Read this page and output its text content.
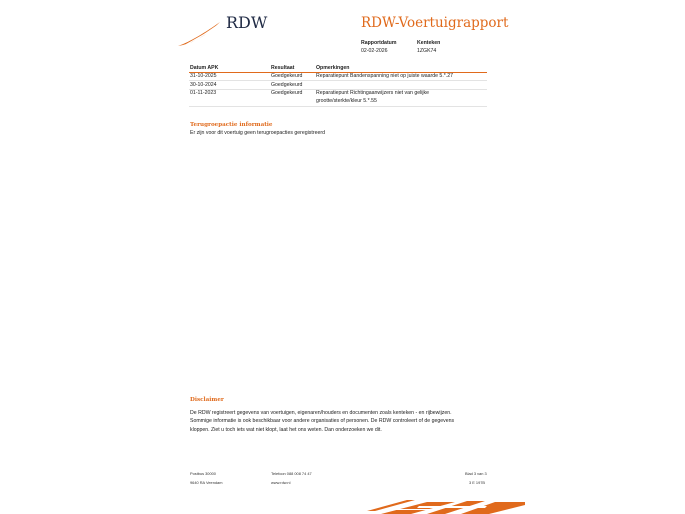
RDW	RDW-Voertuigrapport
Rapportdatum
02-02-2026
Kenteken
1ZGK74
Datum APK	Resultaat	Opmerkingen
31-10-2025	Goedgekeurd	Reparatiepunt Bandenspanning niet op juiste waarde 5.*.27
30-10-2024	Goedgekeurd
01-11-2023	Goedgekeurd	Reparatiepunt Richtingaanwijzers niet van gelijke
grootte/sterkte/kleur 5.*.55
Terugroepactie informatie
Er zijn voor dit voertuig geen terugroepacties geregistreerd
Disclaimer
De RDW registreert gegevens van voertuigen, eigenaren/houders en documenten zoals kenteken - en rijbewijzen.
Sommige informatie is ook beschikbaar voor andere organisaties of personen. De RDW controleert of de gegevens
kloppen. Ziet u toch iets wat niet klopt, laat het ons weten. Dan onderzoeken we dit.
Postbus 30000
9640 RA Veendam
Telefoon 088 008 74 47
www.rdw.nl
Blad 3 van 3
3 E 197B
